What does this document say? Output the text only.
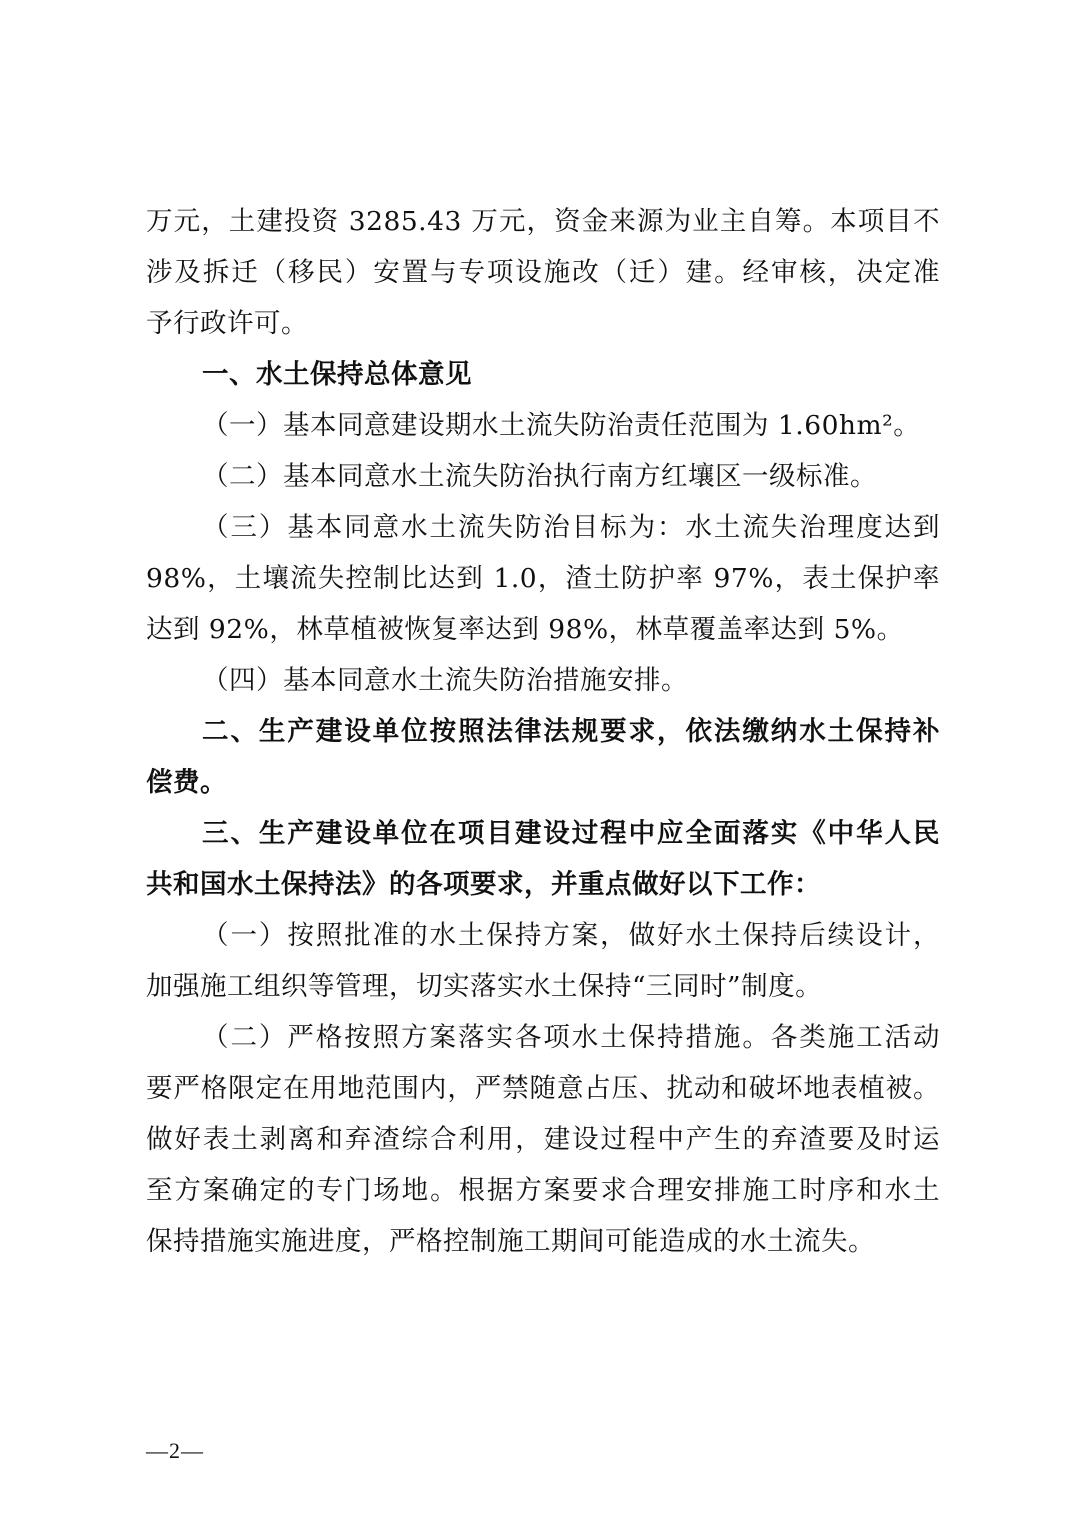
万元，土建投资 3285.43 万元，资金来源为业主自筹。本项目不
涉及拆迁（移民）安置与专项设施改（迁）建。经审核，决定准
予行政许可。
一、水土保持总体意见
（一）基本同意建设期水土流失防治责任范围为 1.60hm²。
（二）基本同意水土流失防治执行南方红壤区一级标准。
（三）基本同意水土流失防治目标为：水土流失治理度达到
98%，土壤流失控制比达到 1.0，渣土防护率 97%，表土保护率
达到 92%，林草植被恢复率达到 98%，林草覆盖率达到 5%。
（四）基本同意水土流失防治措施安排。
二、生产建设单位按照法律法规要求，依法缴纳水土保持补
偿费。
三、生产建设单位在项目建设过程中应全面落实《中华人民
共和国水土保持法》的各项要求，并重点做好以下工作：
（一）按照批准的水土保持方案，做好水土保持后续设计，
加强施工组织等管理，切实落实水土保持“三同时”制度。
（二）严格按照方案落实各项水土保持措施。各类施工活动
要严格限定在用地范围内，严禁随意占压、扰动和破坏地表植被。
做好表土剥离和弃渣综合利用，建设过程中产生的弃渣要及时运
至方案确定的专门场地。根据方案要求合理安排施工时序和水土
保持措施实施进度，严格控制施工期间可能造成的水土流失。
—2—
